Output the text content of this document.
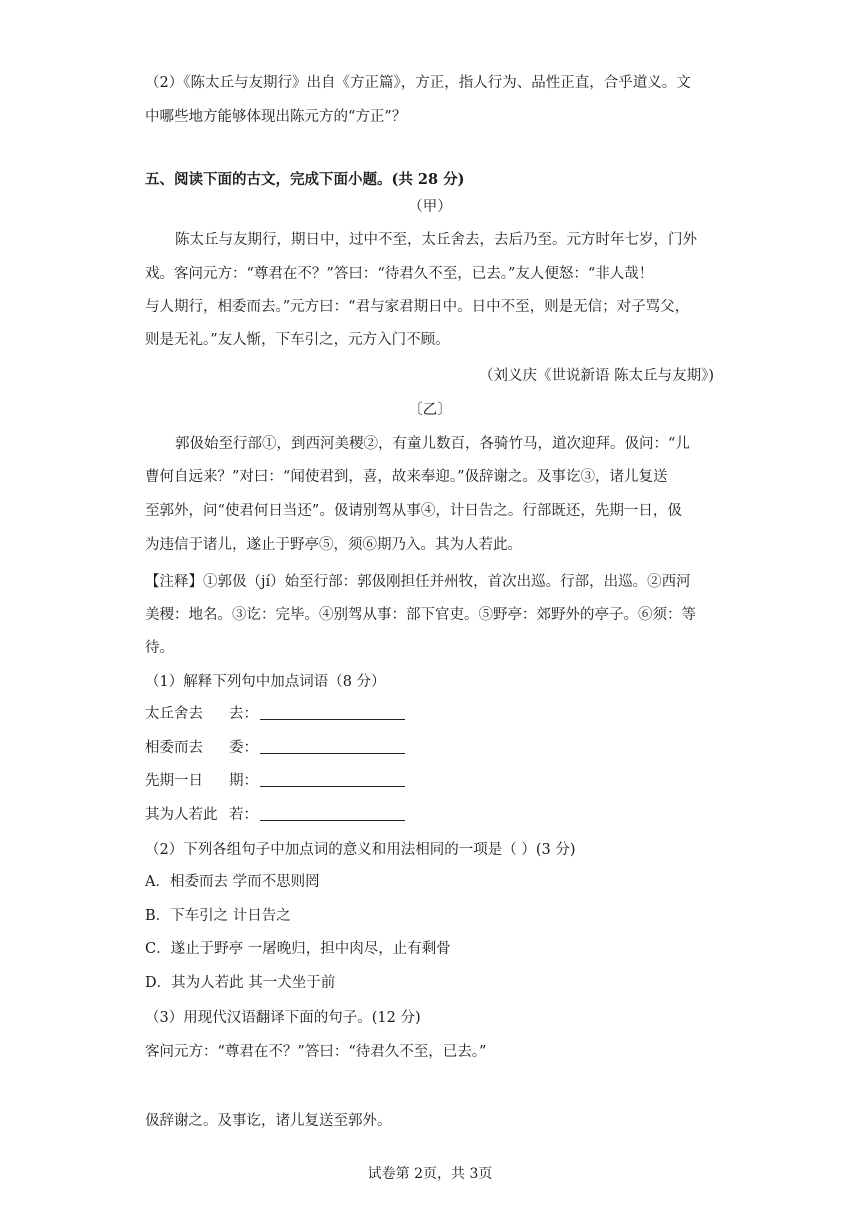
（2）《陈太丘与友期行》出自《方正篇》，方正，指人行为、品性正直，合乎道义。文
中哪些地方能够体现出陈元方的“方正”？
五、阅读下面的古文，完成下面小题。(共 28 分)
（甲）
陈太丘与友期行，期日中，过中不至，太丘舍去，去后乃至。元方时年七岁，门外
戏。客问元方：“尊君在不？”答曰：“待君久不至，已去。”友人便怒：“非人哉！
与人期行，相委而去。”元方曰：“君与家君期日中。日中不至，则是无信；对子骂父，
则是无礼。”友人惭，下车引之，元方入门不顾。
（刘义庆《世说新语 陈太丘与友期》)
〔乙〕
郭伋始至行部①，到西河美稷②，有童儿数百，各骑竹马，道次迎拜。伋问：“儿
曹何自远来？”对曰：“闻使君到，喜，故来奉迎。”伋辞谢之。及事讫③，诸儿复送
至郭外，问“使君何日当还”。伋请别驾从事④，计日告之。行部既还，先期一日，伋
为违信于诸儿，遂止于野亭⑤，须⑥期乃入。其为人若此。
【注释】①郭伋（jí）始至行部：郭伋刚担任并州牧，首次出巡。行部，出巡。②西河
美稷：地名。③讫：完毕。④别驾从事：部下官吏。⑤野亭：郊野外的亭子。⑥须：等
待。
（1）解释下列句中加点词语（8 分）
（2）下列各组句子中加点词的意义和用法相同的一项是（ ）(3 分)
A．相委而去 学而不思则罔
B．下车引之 计日告之
C．遂止于野亭 一屠晚归，担中肉尽，止有剩骨
D．其为人若此 其一犬坐于前
（3）用现代汉语翻译下面的句子。(12 分)
客问元方：“尊君在不？”答曰：“待君久不至，已去。”
伋辞谢之。及事讫，诸儿复送至郭外。
太丘舍去 去：
相委而去 委：
先期一日 期：
其为人若此 若：
试卷第 2页，共 3页
